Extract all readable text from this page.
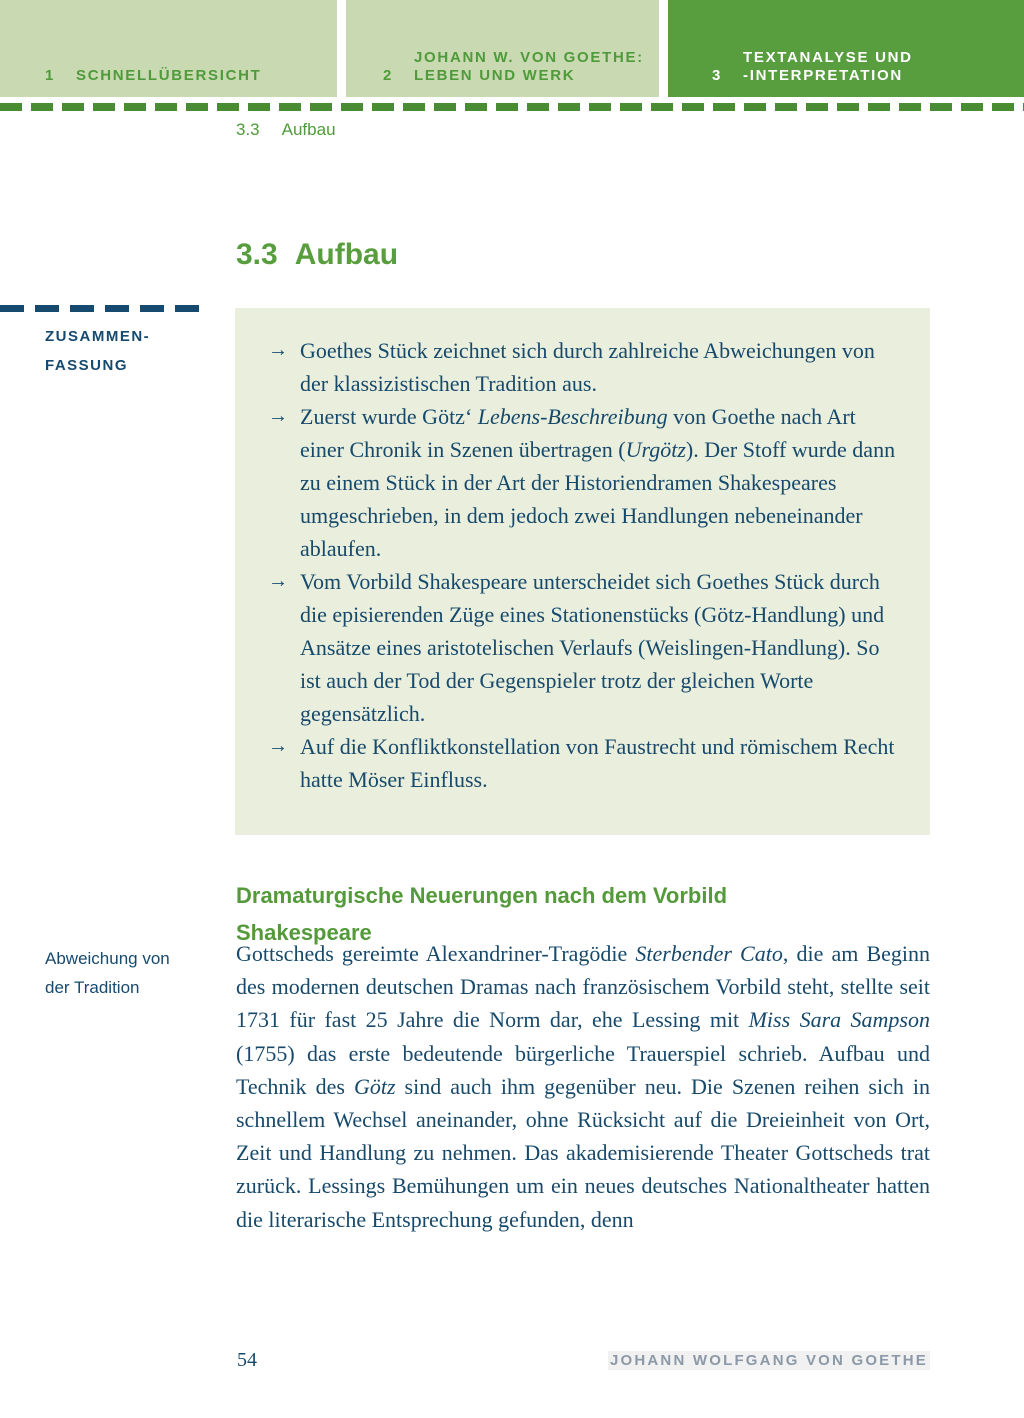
1	SCHNELLÜBERSICHT	2
JOHANN W. VON GOETHE:
LEBEN UND WERK	3
TEXTANALYSE UND
-INTERPRETATION
3.3 Aufbau
3.3 Aufbau
ZUSAMMEN-
FASSUNG
Abweichung von
der Tradition
→ Goethes Stück zeichnet sich durch zahlreiche Abweichungen von der klassizistischen Tradition aus.
→ Zuerst wurde Götz‘ Lebens-Beschreibung von Goethe nach Art einer Chronik in Szenen übertragen (Urgötz). Der Stoff wurde dann zu einem Stück in der Art der Historiendramen Shakespeares umgeschrieben, in dem jedoch zwei Handlungen nebeneinander ablaufen.
→ Vom Vorbild Shakespeare unterscheidet sich Goethes Stück durch die episierenden Züge eines Stationenstücks (Götz-Handlung) und Ansätze eines aristotelischen Verlaufs (Weislingen-Handlung). So ist auch der Tod der Gegenspieler trotz der gleichen Worte gegensätzlich.
→ Auf die Konfliktkonstellation von Faustrecht und römischem Recht hatte Möser Einfluss.
Dramaturgische Neuerungen nach dem Vorbild Shakespeare
Gottscheds gereimte Alexandriner-Tragödie Sterbender Cato, die am Beginn des modernen deutschen Dramas nach französischem Vorbild steht, stellte seit 1731 für fast 25 Jahre die Norm dar, ehe Lessing mit Miss Sara Sampson (1755) das erste bedeutende bürgerliche Trauerspiel schrieb. Aufbau und Technik des Götz sind auch ihm gegenüber neu. Die Szenen reihen sich in schnellem Wechsel aneinander, ohne Rücksicht auf die Dreieinheit von Ort, Zeit und Handlung zu nehmen. Das akademisierende Theater Gottscheds trat zurück. Lessings Bemühungen um ein neues deutsches Nationaltheater hatten die literarische Entsprechung gefunden, denn
54	JOHANN WOLFGANG VON GOETHE
